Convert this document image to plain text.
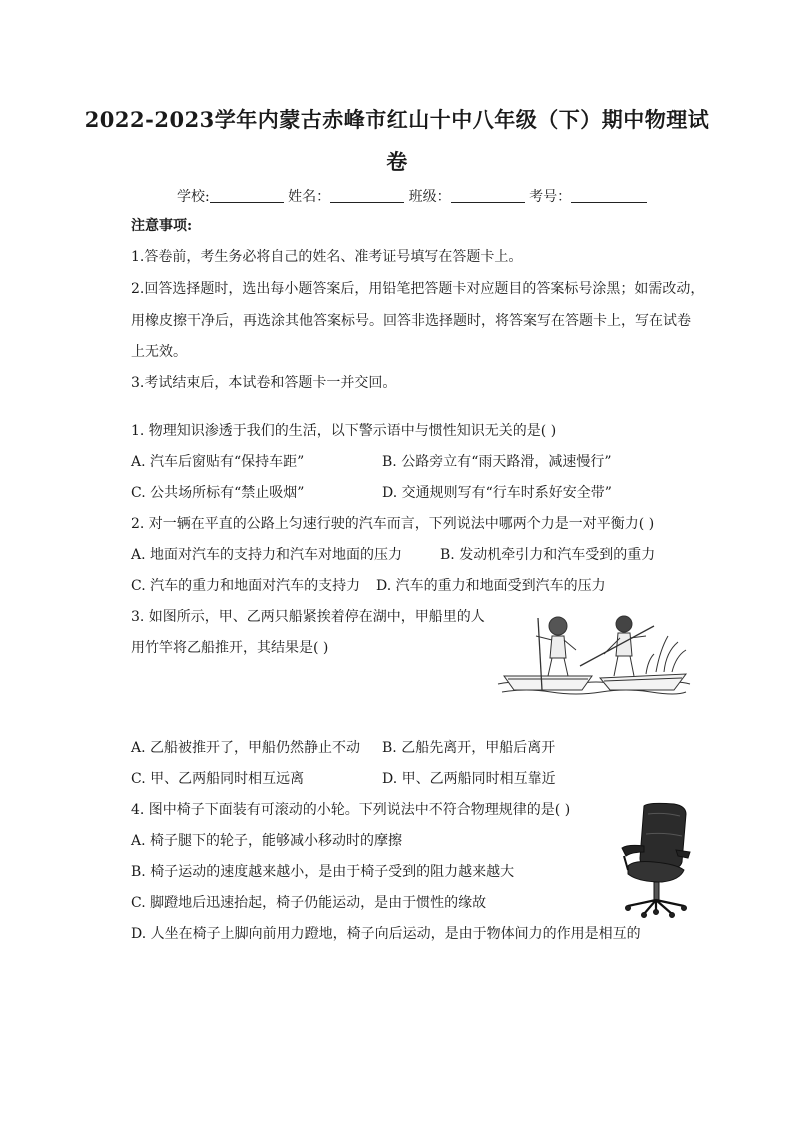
2022-2023学年内蒙古赤峰市红山十中八年级（下）期中物理试
卷
学校:	姓名：	班级：	考号：
注意事项:
1.答卷前，考生务必将自己的姓名、准考证号填写在答题卡上。
2.回答选择题时，选出每小题答案后，用铅笔把答题卡对应题目的答案标号涂黑；如需改动，
用橡皮擦干净后，再选涂其他答案标号。回答非选择题时，将答案写在答题卡上，写在试卷
上无效。
3.考试结束后，本试卷和答题卡一并交回。
1. 物理知识渗透于我们的生活，以下警示语中与惯性知识无关的是( )
A. 汽车后窗贴有“保持车距”	B. 公路旁立有“雨天路滑，减速慢行”
C. 公共场所标有“禁止吸烟”	D. 交通规则写有“行车时系好安全带”
2. 对一辆在平直的公路上匀速行驶的汽车而言，下列说法中哪两个力是一对平衡力( )
A. 地面对汽车的支持力和汽车对地面的压力	B. 发动机牵引力和汽车受到的重力
C. 汽车的重力和地面对汽车的支持力 D. 汽车的重力和地面受到汽车的压力
3. 如图所示，甲、乙两只船紧挨着停在湖中，甲船里的人
用竹竿将乙船推开，其结果是( )
A. 乙船被推开了，甲船仍然静止不动 B. 乙船先离开，甲船后离开
C. 甲、乙两船同时相互远离	D. 甲、乙两船同时相互靠近
4. 图中椅子下面装有可滚动的小轮。下列说法中不符合物理规律的是( )
A. 椅子腿下的轮子，能够减小移动时的摩擦
B. 椅子运动的速度越来越小，是由于椅子受到的阻力越来越大
C. 脚蹬地后迅速抬起，椅子仍能运动，是由于惯性的缘故
D. 人坐在椅子上脚向前用力蹬地，椅子向后运动，是由于物体间力的作用是相互的
